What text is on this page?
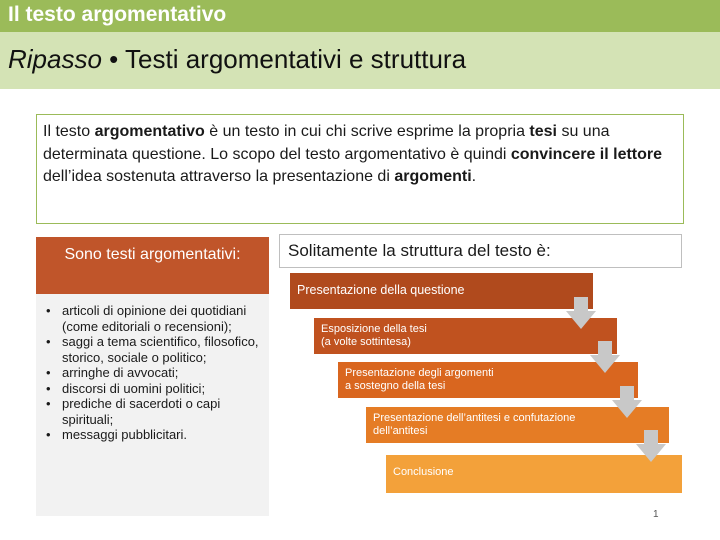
Il testo argomentativo
Ripasso • Testi argomentativi e struttura
Il testo argomentativo è un testo in cui chi scrive esprime la propria tesi su una determinata questione. Lo scopo del testo argomentativo è quindi convincere il lettore dell’idea sostenuta attraverso la presentazione di argomenti.
Sono testi argomentativi:
• articoli di opinione dei quotidiani (come editoriali o recensioni);
• saggi a tema scientifico, filosofico, storico, sociale o politico;
• arringhe di avvocati;
• discorsi di uomini politici;
• prediche di sacerdoti o capi spirituali;
• messaggi pubblicitari.
Solitamente la struttura del testo è:
Presentazione della questione
Esposizione della tesi
(a volte sottintesa)
Presentazione degli argomenti
a sostegno della tesi
Presentazione dell’antitesi e confutazione
dell’antitesi
Conclusione
1
